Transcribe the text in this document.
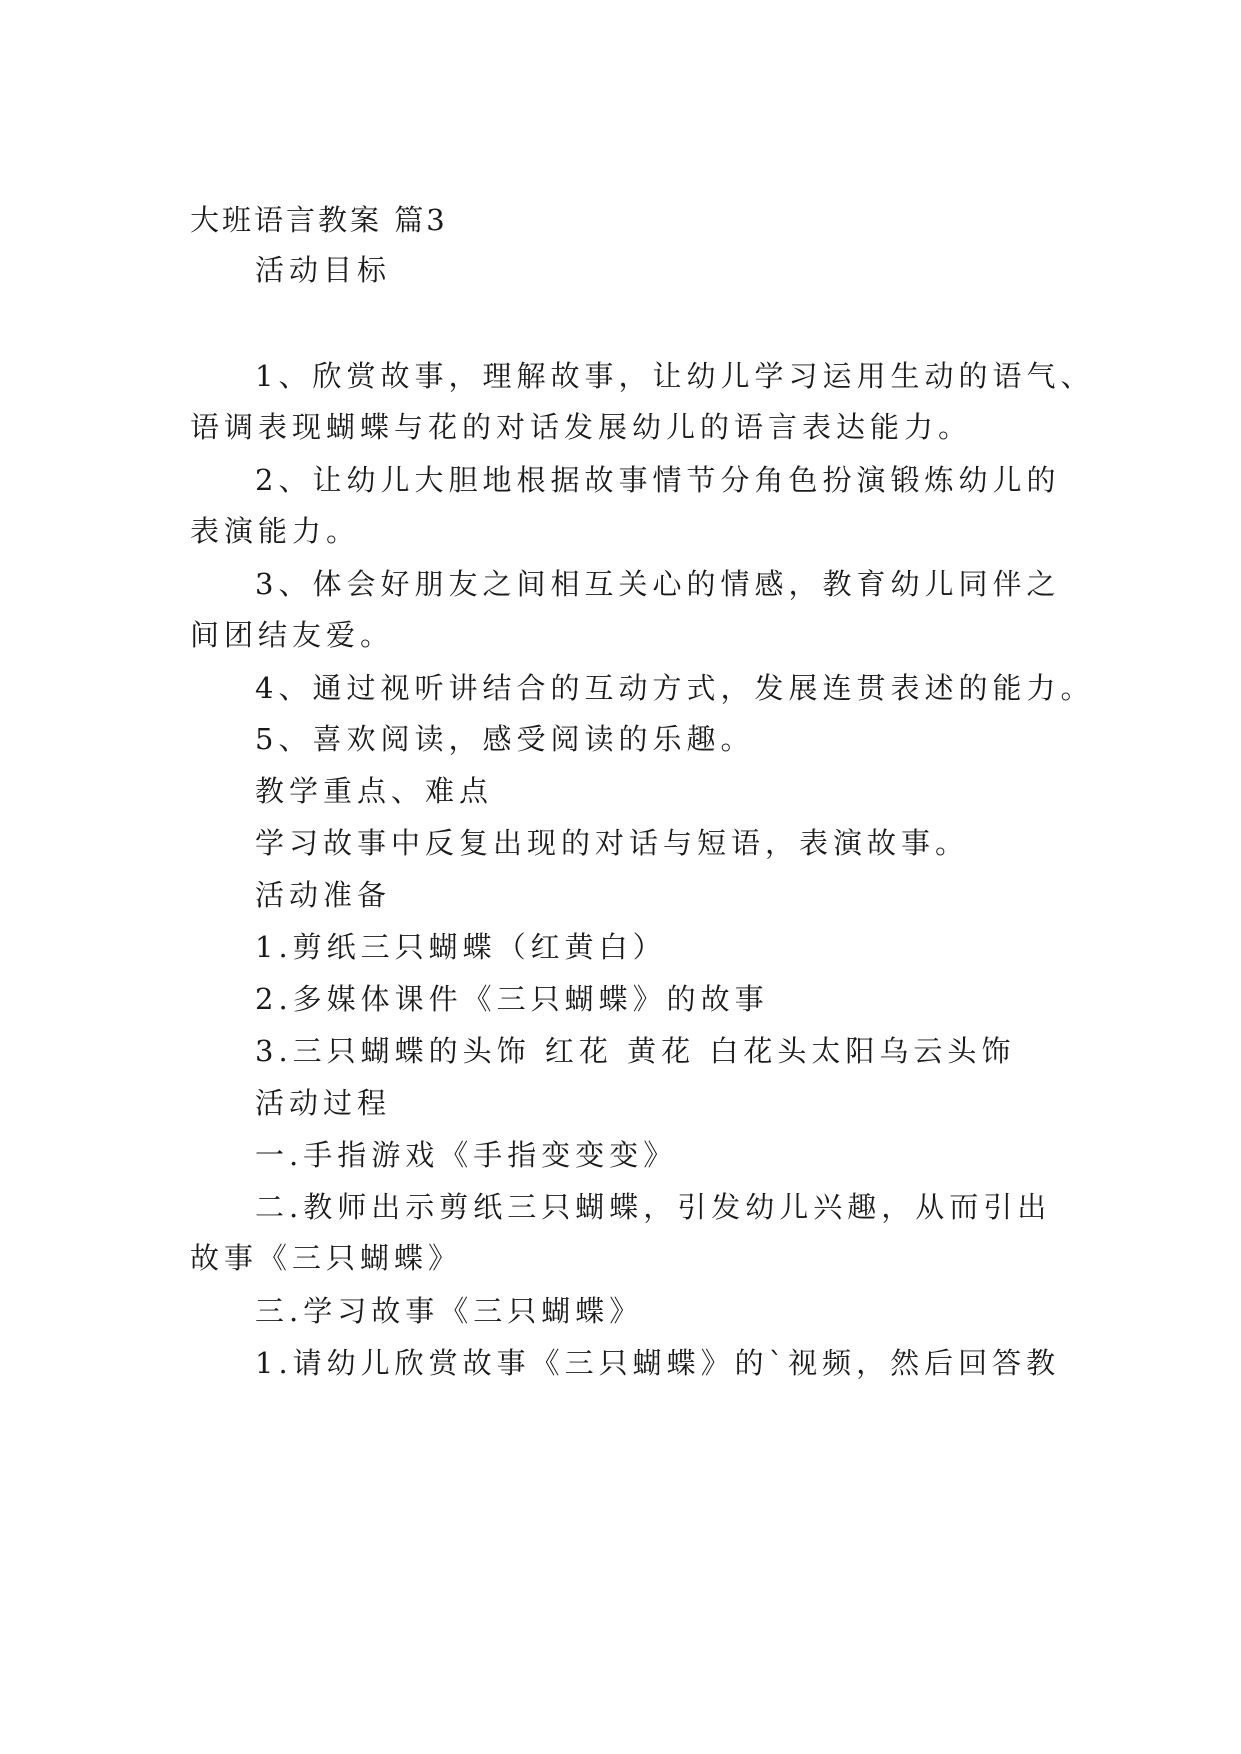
大班语言教案 篇3

活动目标

1、欣赏故事，理解故事，让幼儿学习运用生动的语气、

语调表现蝴蝶与花的对话发展幼儿的语言表达能力。

2、让幼儿大胆地根据故事情节分角色扮演锻炼幼儿的

表演能力。

3、体会好朋友之间相互关心的情感，教育幼儿同伴之

间团结友爱。

4、通过视听讲结合的互动方式，发展连贯表述的能力。

5、喜欢阅读，感受阅读的乐趣。

教学重点、难点

学习故事中反复出现的对话与短语，表演故事。

活动准备

1.剪纸三只蝴蝶（红黄白）

2.多媒体课件《三只蝴蝶》的故事

3.三只蝴蝶的头饰 红花 黄花 白花头太阳乌云头饰

活动过程

一.手指游戏《手指变变变》

二.教师出示剪纸三只蝴蝶，引发幼儿兴趣，从而引出

故事《三只蝴蝶》

三.学习故事《三只蝴蝶》

1.请幼儿欣赏故事《三只蝴蝶》的`视频，然后回答教
